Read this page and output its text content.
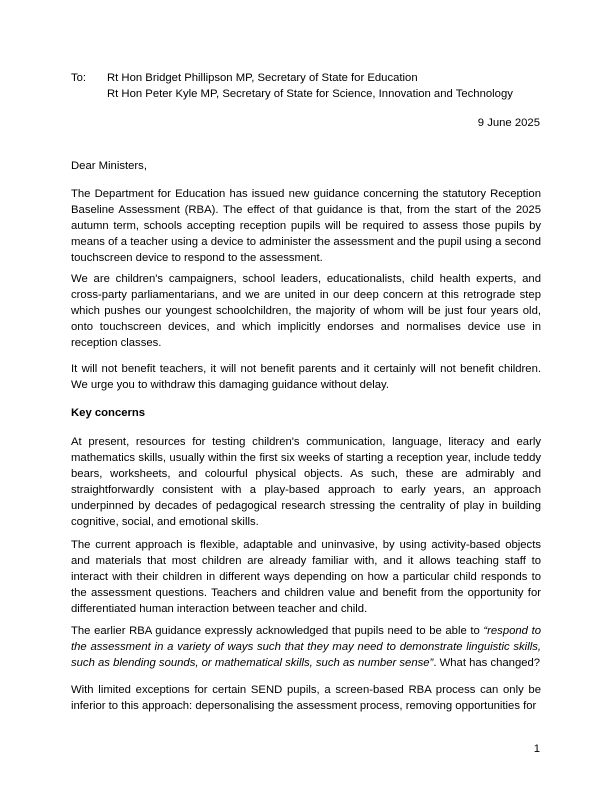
To: Rt Hon Bridget Phillipson MP, Secretary of State for Education

Rt Hon Peter Kyle MP, Secretary of State for Science, Innovation and Technology

9 June 2025

Dear Ministers,

The Department for Education has issued new guidance concerning the statutory Reception Baseline Assessment (RBA). The effect of that guidance is that, from the start of the 2025 autumn term, schools accepting reception pupils will be required to assess those pupils by means of a teacher using a device to administer the assessment and the pupil using a second touchscreen device to respond to the assessment.

We are children's campaigners, school leaders, educationalists, child health experts, and cross-party parliamentarians, and we are united in our deep concern at this retrograde step which pushes our youngest schoolchildren, the majority of whom will be just four years old, onto touchscreen devices, and which implicitly endorses and normalises device use in reception classes.

It will not benefit teachers, it will not benefit parents and it certainly will not benefit children. We urge you to withdraw this damaging guidance without delay.

Key concerns

At present, resources for testing children's communication, language, literacy and early mathematics skills, usually within the first six weeks of starting a reception year, include teddy bears, worksheets, and colourful physical objects. As such, these are admirably and straightforwardly consistent with a play-based approach to early years, an approach underpinned by decades of pedagogical research stressing the centrality of play in building cognitive, social, and emotional skills.

The current approach is flexible, adaptable and uninvasive, by using activity-based objects and materials that most children are already familiar with, and it allows teaching staff to interact with their children in different ways depending on how a particular child responds to the assessment questions. Teachers and children value and benefit from the opportunity for differentiated human interaction between teacher and child.

The earlier RBA guidance expressly acknowledged that pupils need to be able to “respond to the assessment in a variety of ways such that they may need to demonstrate linguistic skills, such as blending sounds, or mathematical skills, such as number sense”. What has changed?

With limited exceptions for certain SEND pupils, a screen-based RBA process can only be inferior to this approach: depersonalising the assessment process, removing opportunities for

1
